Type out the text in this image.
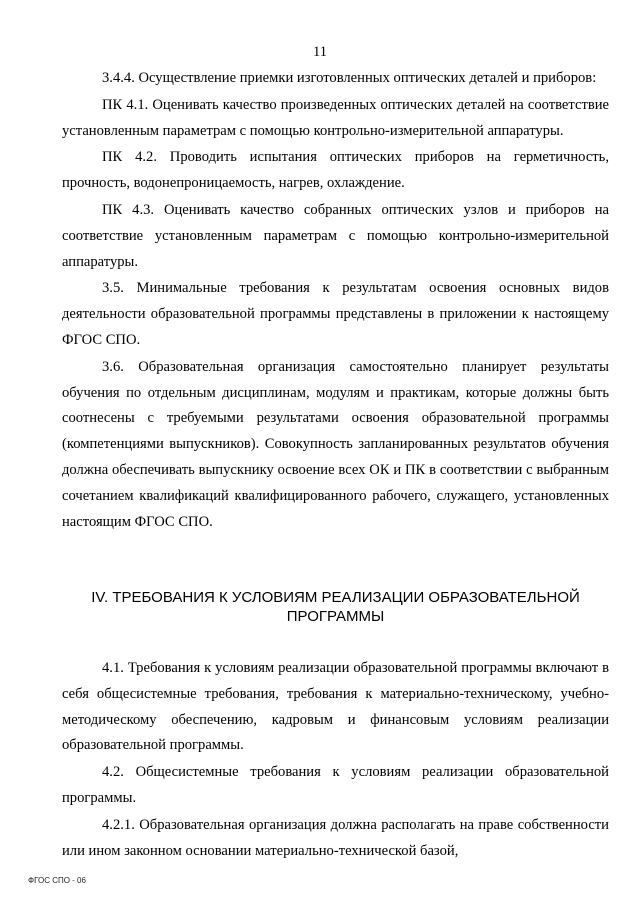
11

3.4.4. Осуществление приемки изготовленных оптических деталей и приборов:

ПК 4.1. Оценивать качество произведенных оптических деталей на соответствие установленным параметрам с помощью контрольно-измерительной аппаратуры.

ПК 4.2. Проводить испытания оптических приборов на герметичность, прочность, водонепроницаемость, нагрев, охлаждение.

ПК 4.3. Оценивать качество собранных оптических узлов и приборов на соответствие установленным параметрам с помощью контрольно-измерительной аппаратуры.

3.5. Минимальные требования к результатам освоения основных видов деятельности образовательной программы представлены в приложении к настоящему ФГОС СПО.

3.6. Образовательная организация самостоятельно планирует результаты обучения по отдельным дисциплинам, модулям и практикам, которые должны быть соотнесены с требуемыми результатами освоения образовательной программы (компетенциями выпускников). Совокупность запланированных результатов обучения должна обеспечивать выпускнику освоение всех ОК и ПК в соответствии с выбранным сочетанием квалификаций квалифицированного рабочего, служащего, установленных настоящим ФГОС СПО.

IV. ТРЕБОВАНИЯ К УСЛОВИЯМ РЕАЛИЗАЦИИ ОБРАЗОВАТЕЛЬНОЙ
ПРОГРАММЫ

4.1. Требования к условиям реализации образовательной программы включают в себя общесистемные требования, требования к материально-техническому, учебно-методическому обеспечению, кадровым и финансовым условиям реализации образовательной программы.

4.2. Общесистемные требования к условиям реализации образовательной программы.

4.2.1. Образовательная организация должна располагать на праве собственности или ином законном основании материально-технической базой,

ФГОС СПО - 06
